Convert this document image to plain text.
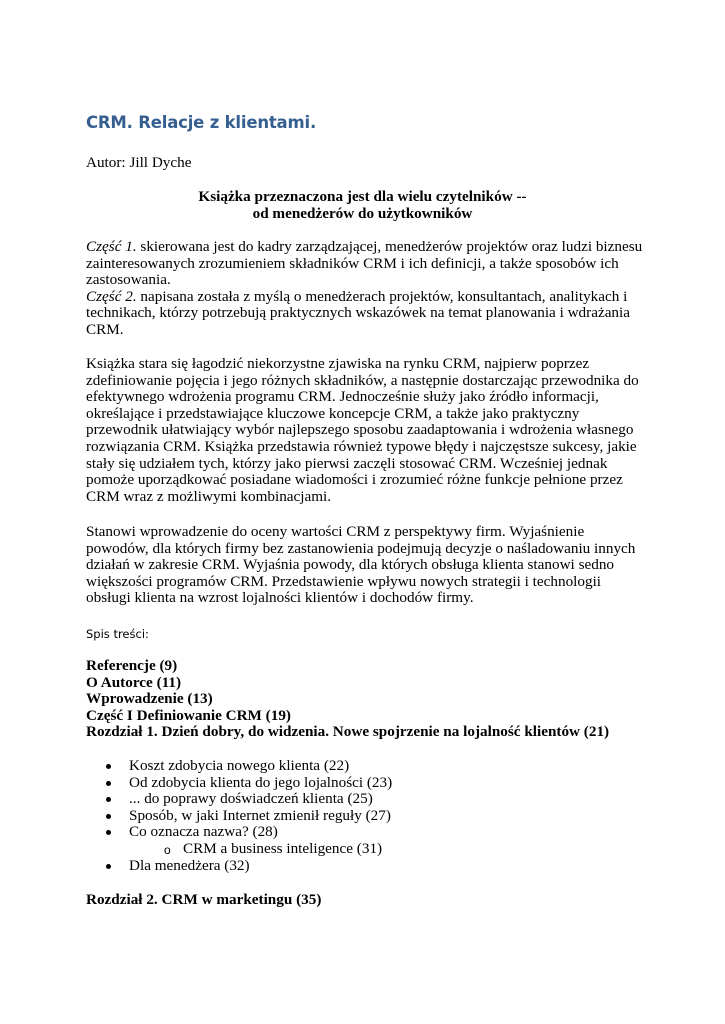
CRM. Relacje z klientami.

Autor: Jill Dyche

Książka przeznaczona jest dla wielu czytelników --
od menedżerów do użytkowników

Część 1. skierowana jest do kadry zarządzającej, menedżerów projektów oraz ludzi biznesu zainteresowanych zrozumieniem składników CRM i ich definicji, a także sposobów ich zastosowania.
Część 2. napisana została z myślą o menedżerach projektów, konsultantach, analitykach i technikach, którzy potrzebują praktycznych wskazówek na temat planowania i wdrażania CRM.

Książka stara się łagodzić niekorzystne zjawiska na rynku CRM, najpierw poprzez zdefiniowanie pojęcia i jego różnych składników, a następnie dostarczając przewodnika do efektywnego wdrożenia programu CRM. Jednocześnie służy jako źródło informacji, określające i przedstawiające kluczowe koncepcje CRM, a także jako praktyczny przewodnik ułatwiający wybór najlepszego sposobu zaadaptowania i wdrożenia własnego rozwiązania CRM. Książka przedstawia również typowe błędy i najczęstsze sukcesy, jakie stały się udziałem tych, którzy jako pierwsi zaczęli stosować CRM. Wcześniej jednak pomoże uporządkować posiadane wiadomości i zrozumieć różne funkcje pełnione przez CRM wraz z możliwymi kombinacjami.

Stanowi wprowadzenie do oceny wartości CRM z perspektywy firm. Wyjaśnienie powodów, dla których firmy bez zastanowienia podejmują decyzje o naśladowaniu innych działań w zakresie CRM. Wyjaśnia powody, dla których obsługa klienta stanowi sedno większości programów CRM. Przedstawienie wpływu nowych strategii i technologii obsługi klienta na wzrost lojalności klientów i dochodów firmy.

Spis treści:

Referencje (9)
O Autorce (11)
Wprowadzenie (13)
Część I Definiowanie CRM (19)
Rozdział 1. Dzień dobry, do widzenia. Nowe spojrzenie na lojalność klientów (21)
Koszt zdobycia nowego klienta (22)
Od zdobycia klienta do jego lojalności (23)
... do poprawy doświadczeń klienta (25)
Sposób, w jaki Internet zmienił reguły (27)
Co oznacza nazwa? (28)
o CRM a business inteligence (31)
Dla menedżera (32)

Rozdział 2. CRM w marketingu (35)
